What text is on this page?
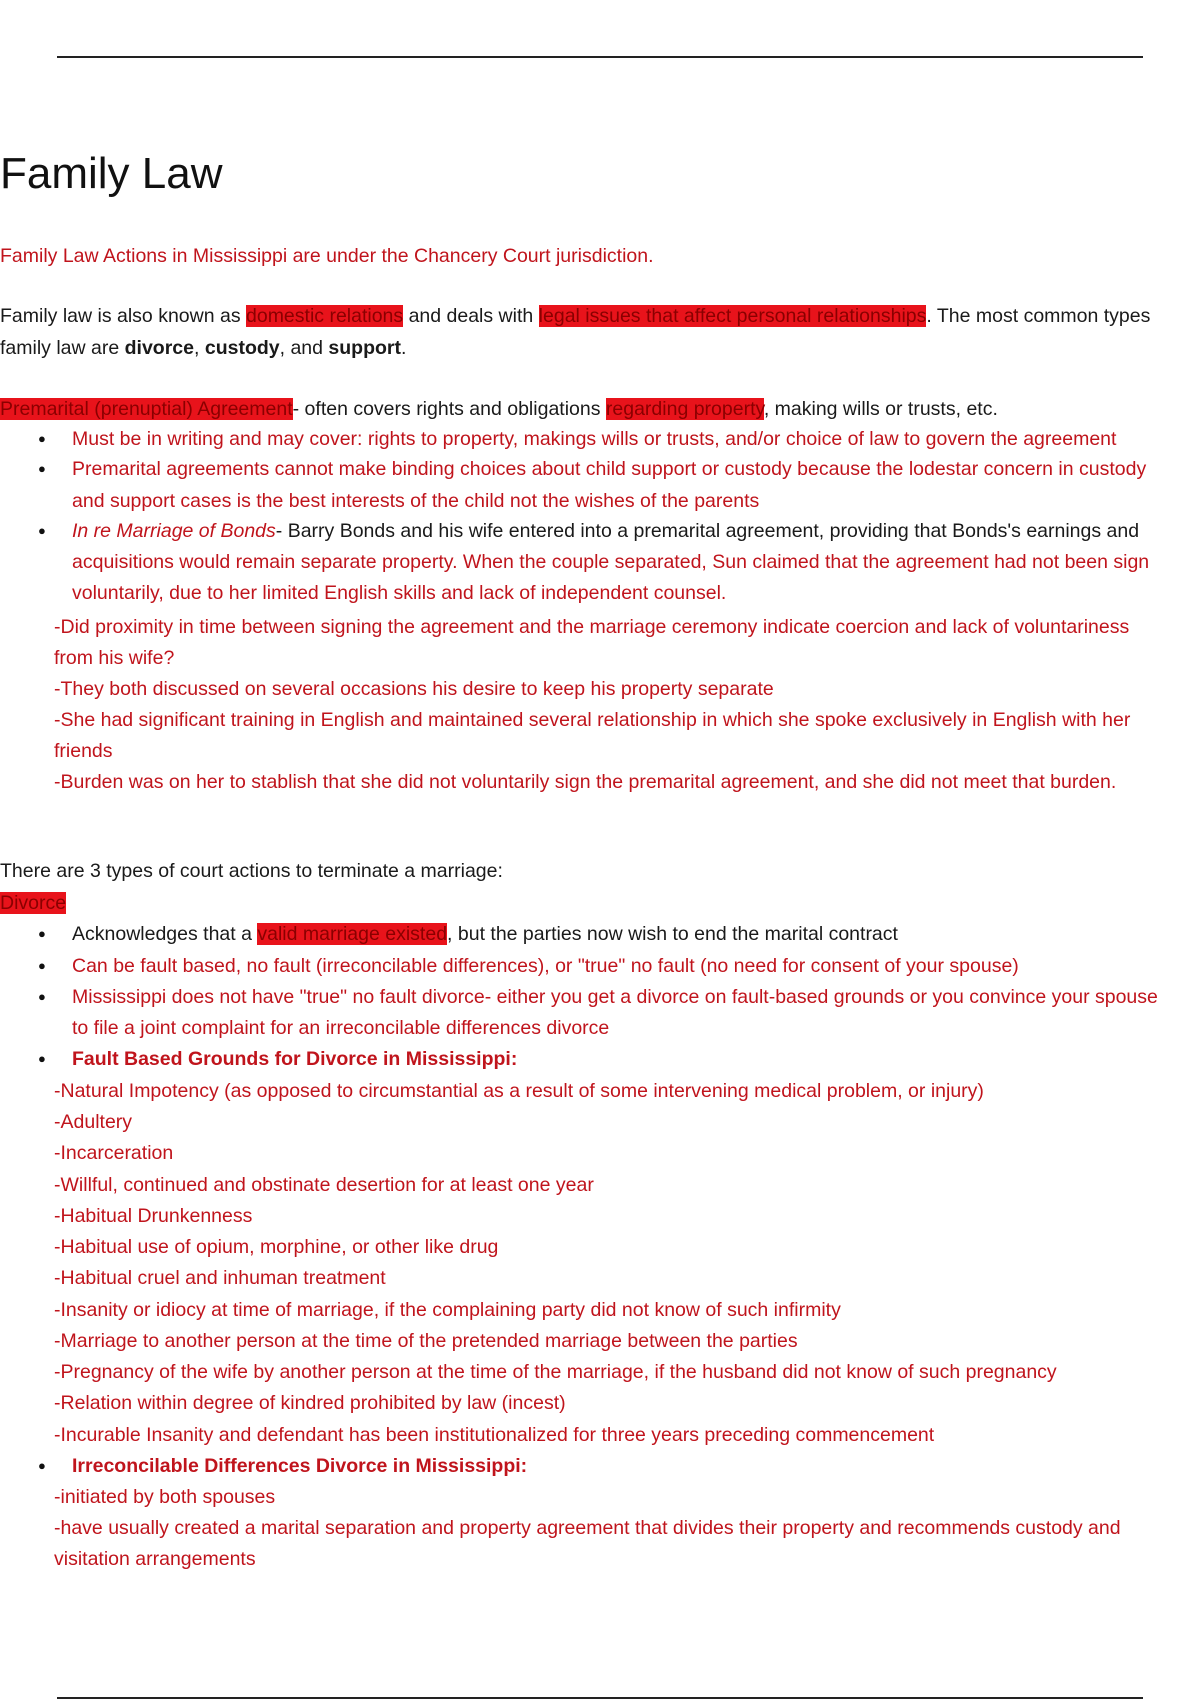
Family Law

Family Law Actions in Mississippi are under the Chancery Court jurisdiction.

Family law is also known as domestic relations and deals with legal issues that affect personal relationships. The most common types

family law are divorce, custody, and support.

Premarital (prenuptial) Agreement- often covers rights and obligations regarding property, making wills or trusts, etc.

● Must be in writing and may cover: rights to property, makings wills or trusts, and/or choice of law to govern the agreement

● Premarital agreements cannot make binding choices about child support or custody because the lodestar concern in custody

and support cases is the best interests of the child not the wishes of the parents

● In re Marriage of Bonds- Barry Bonds and his wife entered into a premarital agreement, providing that Bonds's earnings and

acquisitions would remain separate property. When the couple separated, Sun claimed that the agreement had not been sign

voluntarily, due to her limited English skills and lack of independent counsel.

-Did proximity in time between signing the agreement and the marriage ceremony indicate coercion and lack of voluntariness

from his wife?

-They both discussed on several occasions his desire to keep his property separate

-She had significant training in English and maintained several relationship in which she spoke exclusively in English with her

friends

-Burden was on her to stablish that she did not voluntarily sign the premarital agreement, and she did not meet that burden.

There are 3 types of court actions to terminate a marriage:

Divorce

● Acknowledges that a valid marriage existed, but the parties now wish to end the marital contract

● Can be fault based, no fault (irreconcilable differences), or "true" no fault (no need for consent of your spouse)

● Mississippi does not have "true" no fault divorce- either you get a divorce on fault-based grounds or you convince your spouse

to file a joint complaint for an irreconcilable differences divorce

● Fault Based Grounds for Divorce in Mississippi:

-Natural Impotency (as opposed to circumstantial as a result of some intervening medical problem, or injury)

-Adultery

-Incarceration

-Willful, continued and obstinate desertion for at least one year

-Habitual Drunkenness

-Habitual use of opium, morphine, or other like drug

-Habitual cruel and inhuman treatment

-Insanity or idiocy at time of marriage, if the complaining party did not know of such infirmity

-Marriage to another person at the time of the pretended marriage between the parties

-Pregnancy of the wife by another person at the time of the marriage, if the husband did not know of such pregnancy

-Relation within degree of kindred prohibited by law (incest)

-Incurable Insanity and defendant has been institutionalized for three years preceding commencement

● Irreconcilable Differences Divorce in Mississippi:

-initiated by both spouses

-have usually created a marital separation and property agreement that divides their property and recommends custody and

visitation arrangements
